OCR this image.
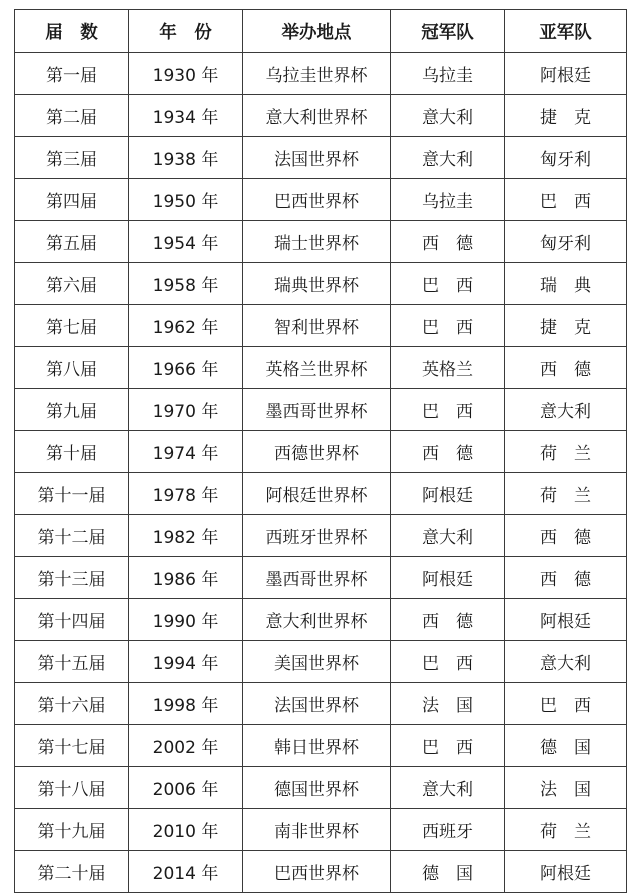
届　数	年　份	举办地点	冠军队	亚军队
第一届	1930 年	乌拉圭世界杯	乌拉圭	阿根廷
第二届	1934 年	意大利世界杯	意大利	捷　克
第三届	1938 年	法国世界杯	意大利	匈牙利
第四届	1950 年	巴西世界杯	乌拉圭	巴　西
第五届	1954 年	瑞士世界杯	西　德	匈牙利
第六届	1958 年	瑞典世界杯	巴　西	瑞　典
第七届	1962 年	智利世界杯	巴　西	捷　克
第八届	1966 年	英格兰世界杯	英格兰	西　德
第九届	1970 年	墨西哥世界杯	巴　西	意大利
第十届	1974 年	西德世界杯	西　德	荷　兰
第十一届	1978 年	阿根廷世界杯	阿根廷	荷　兰
第十二届	1982 年	西班牙世界杯	意大利	西　德
第十三届	1986 年	墨西哥世界杯	阿根廷	西　德
第十四届	1990 年	意大利世界杯	西　德	阿根廷
第十五届	1994 年	美国世界杯	巴　西	意大利
第十六届	1998 年	法国世界杯	法　国	巴　西
第十七届	2002 年	韩日世界杯	巴　西	德　国
第十八届	2006 年	德国世界杯	意大利	法　国
第十九届	2010 年	南非世界杯	西班牙	荷　兰
第二十届	2014 年	巴西世界杯	德　国	阿根廷
